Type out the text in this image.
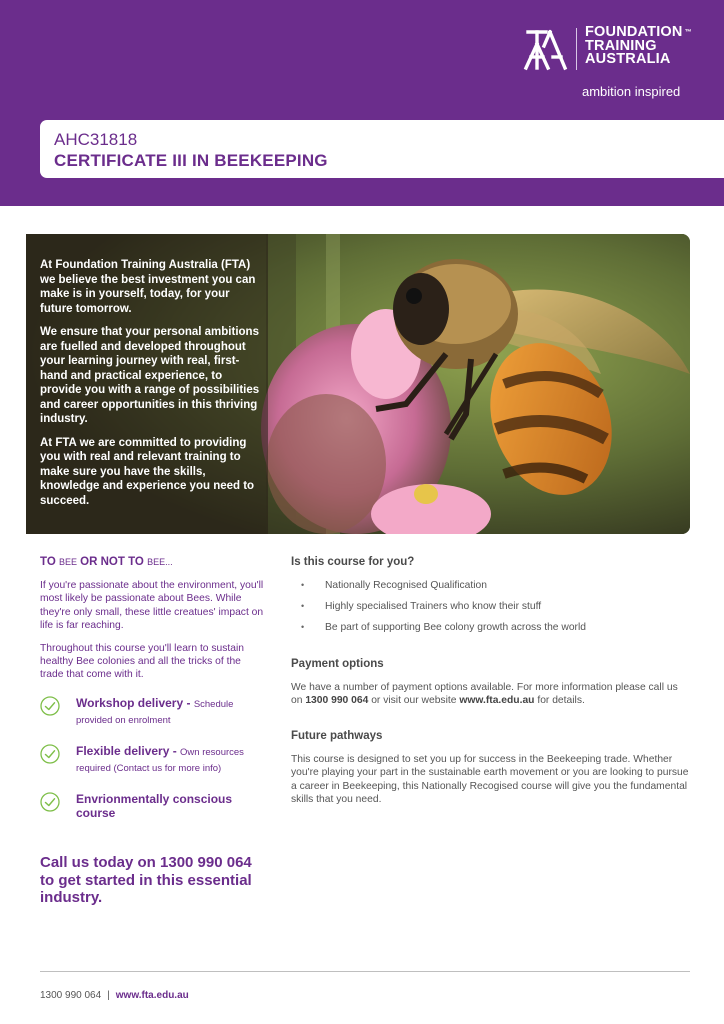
FOUNDATION ™
TRAINING
AUSTRALIA
ambition inspired
AHC31818
CERTIFICATE III IN BEEKEEPING

At Foundation Training Australia (FTA) we believe the best investment you can make is in yourself, today, for your future tomorrow.

We ensure that your personal ambitions are fuelled and developed throughout your learning journey with real, first-hand and practical experience, to provide you with a range of possibilities and career opportunities in this thriving industry.

At FTA we are committed to providing you with real and relevant training to make sure you have the skills, knowledge and experience you need to succeed.

TO BEE OR NOT TO BEE...

If you're passionate about the environment, you'll most likely be passionate about Bees. While they're only small, these little creatues' impact on life is far reaching.

Throughout this course you'll learn to sustain healthy Bee colonies and all the tricks of the trade that come with it.

Workshop delivery - Schedule provided on enrolment
Flexible delivery - Own resources required (Contact us for more info)
Envrionmentally conscious course
Call us today on 1300 990 064
to get started in this essential industry.
Is this course for you?
• Nationally Recognised Qualification
• Highly specialised Trainers who know their stuff
• Be part of supporting Bee colony growth across the world
Payment options

We have a number of payment options available. For more information please call us on 1300 990 064 or visit our website www.fta.edu.au for details.

Future pathways

This course is designed to set you up for success in the Beekeeping trade. Whether you're playing your part in the sustainable earth movement or you are looking to pursue a career in Beekeeping, this Nationally Recogised course will give you the fundamental skills that you need.

1300 990 064 | www.fta.edu.au
